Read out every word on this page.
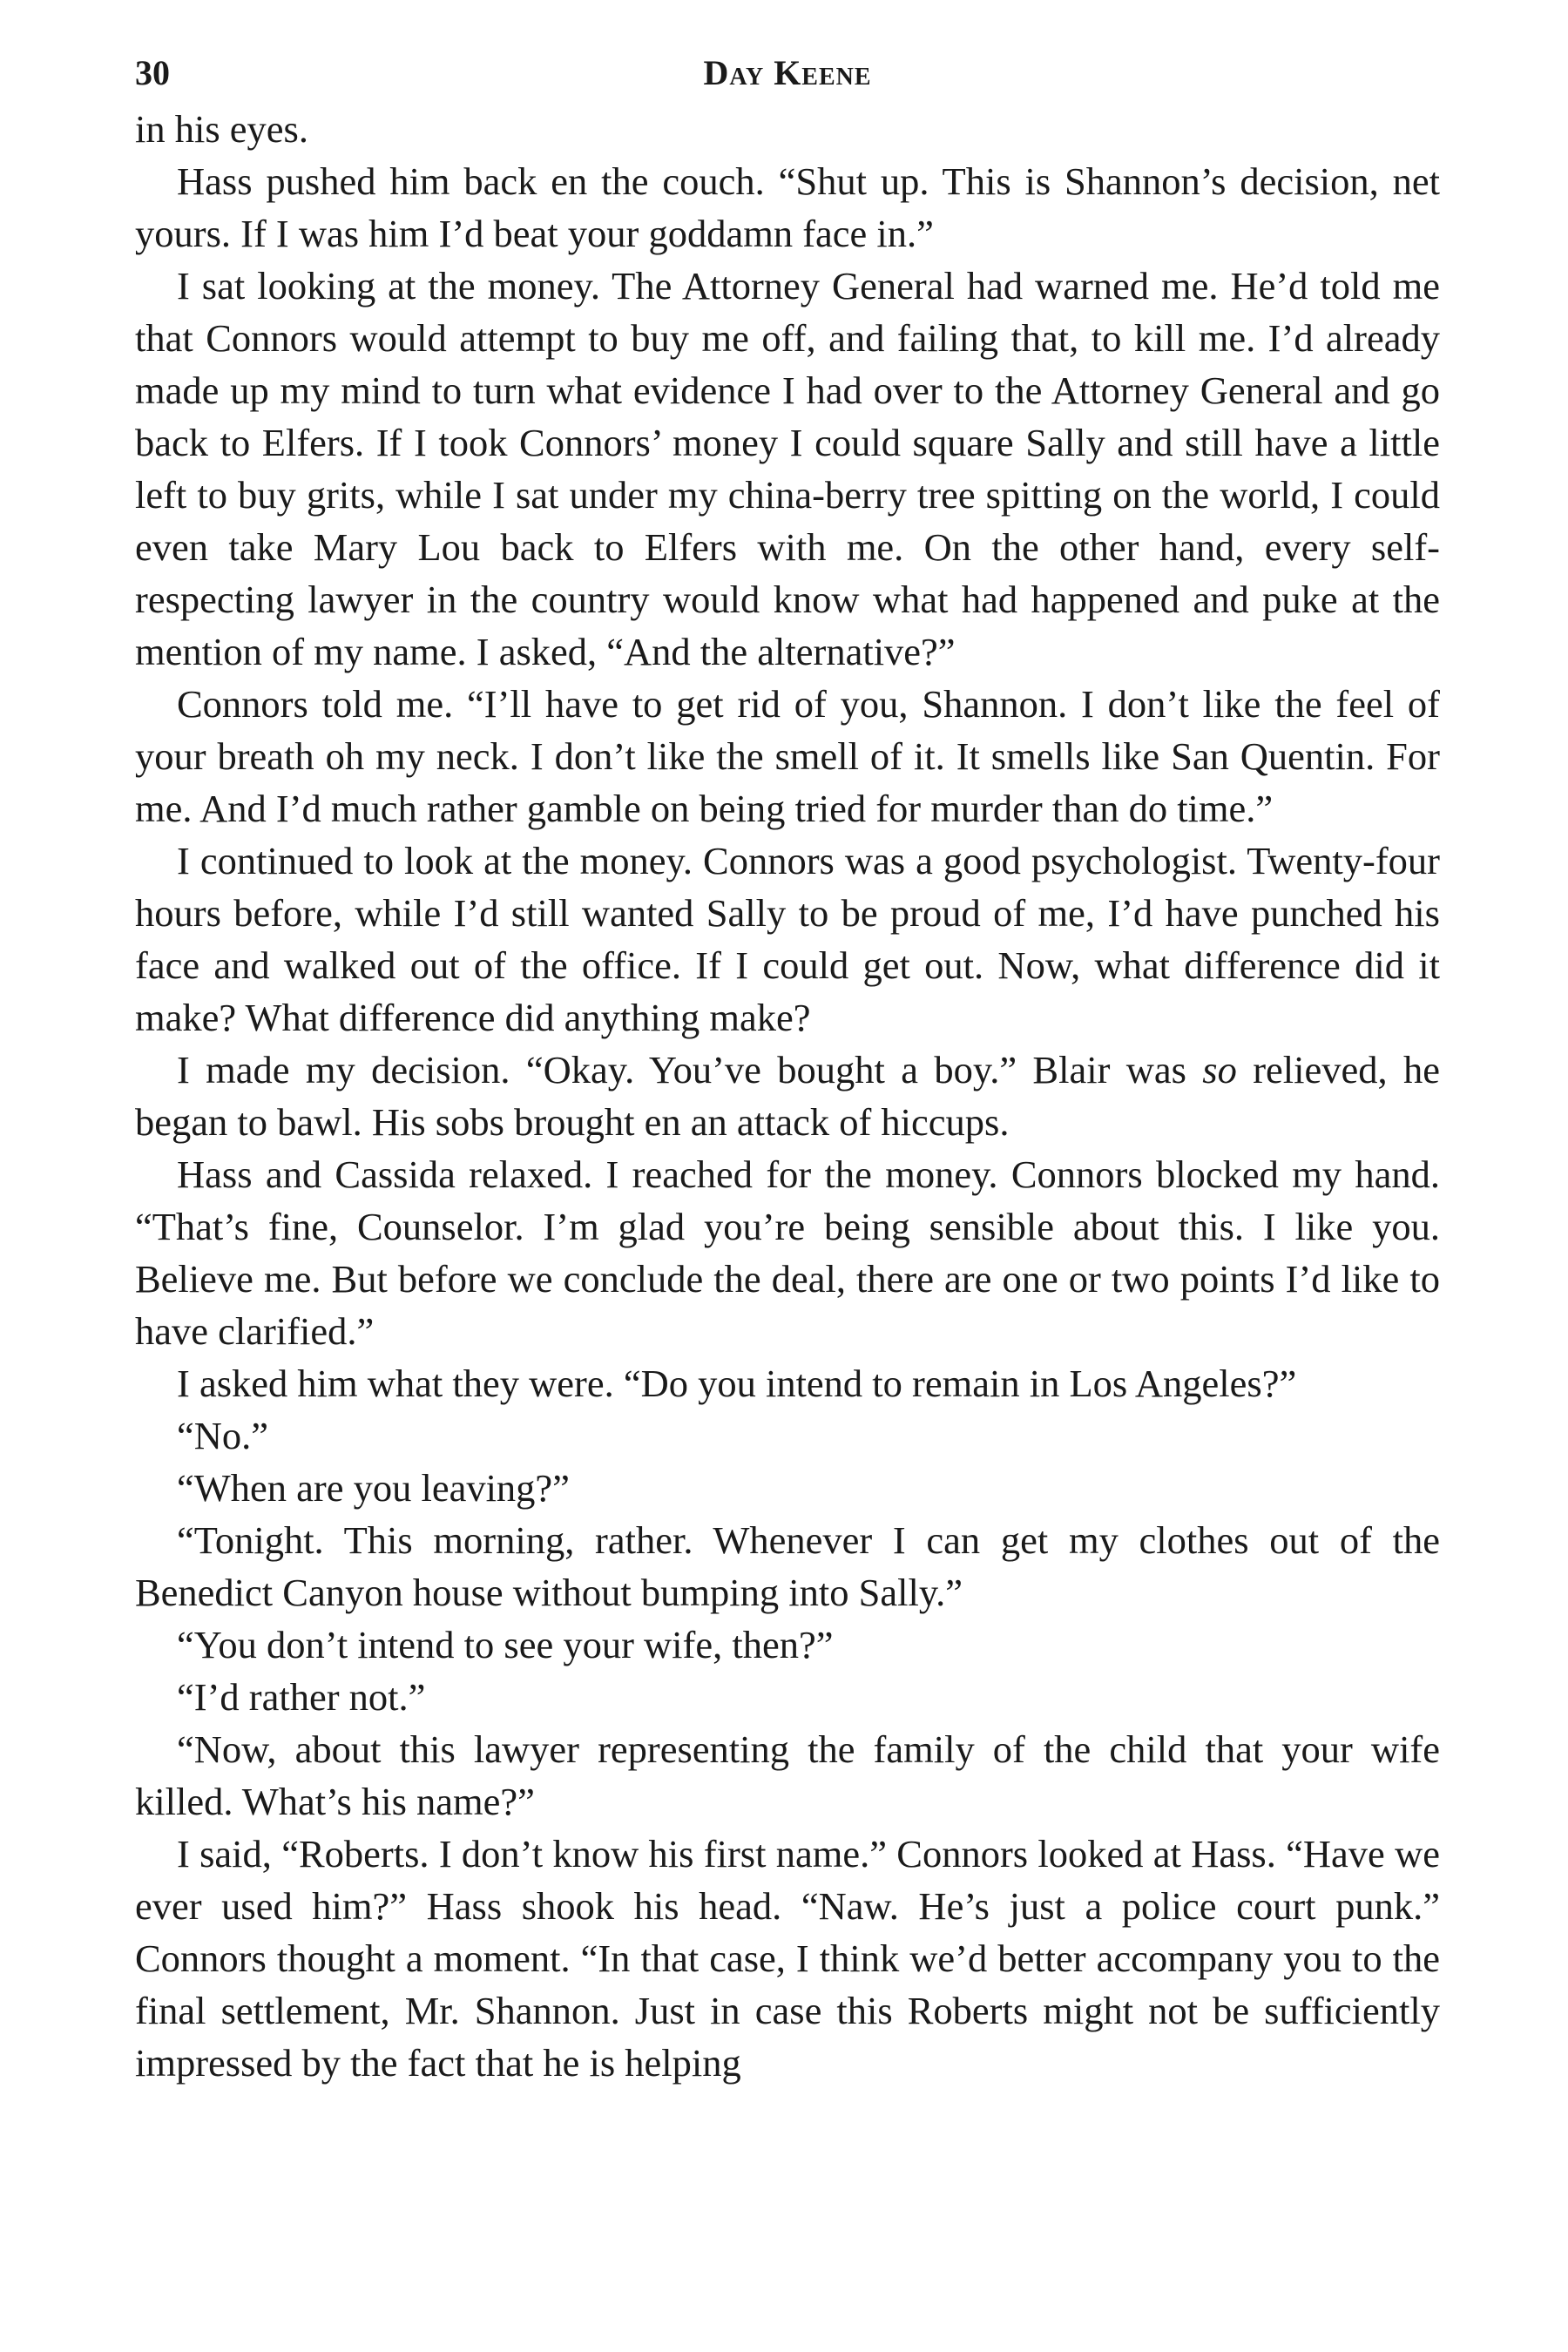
30	Day Keene

in his eyes.

Hass pushed him back en the couch. “Shut up. This is Shannon’s decision, net yours. If I was him I’d beat your goddamn face in.”

I sat looking at the money. The Attorney General had warned me. He’d told me that Connors would attempt to buy me off, and failing that, to kill me. I’d already made up my mind to turn what evidence I had over to the Attorney General and go back to Elfers. If I took Connors’ money I could square Sally and still have a little left to buy grits, while I sat under my china-berry tree spitting on the world, I could even take Mary Lou back to Elfers with me. On the other hand, every self-respecting lawyer in the country would know what had happened and puke at the mention of my name. I asked, “And the alternative?”

Connors told me. “I’ll have to get rid of you, Shannon. I don’t like the feel of your breath oh my neck. I don’t like the smell of it. It smells like San Quentin. For me. And I’d much rather gamble on being tried for murder than do time.”

I continued to look at the money. Connors was a good psychologist. Twenty-four hours before, while I’d still wanted Sally to be proud of me, I’d have punched his face and walked out of the office. If I could get out. Now, what difference did it make? What difference did anything make?

I made my decision. “Okay. You’ve bought a boy.” Blair was so relieved, he began to bawl. His sobs brought en an attack of hiccups.

Hass and Cassida relaxed. I reached for the money. Connors blocked my hand. “That’s fine, Counselor. I’m glad you’re being sensible about this. I like you. Believe me. But before we conclude the deal, there are one or two points I’d like to have clarified.”

I asked him what they were. “Do you intend to remain in Los Angeles?”

“No.”

“When are you leaving?”

“Tonight. This morning, rather. Whenever I can get my clothes out of the Benedict Canyon house without bumping into Sally.”

“You don’t intend to see your wife, then?”

“I’d rather not.”

“Now, about this lawyer representing the family of the child that your wife killed. What’s his name?”

I said, “Roberts. I don’t know his first name.” Connors looked at Hass. “Have we ever used him?” Hass shook his head. “Naw. He’s just a police court punk.” Connors thought a moment. “In that case, I think we’d better accompany you to the final settlement, Mr. Shannon. Just in case this Roberts might not be sufficiently impressed by the fact that he is helping
